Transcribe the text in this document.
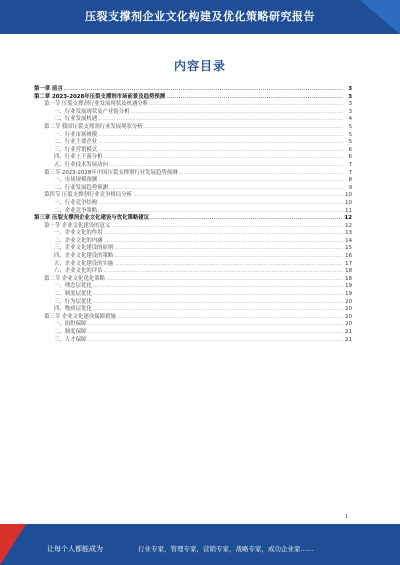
压裂支撑剂企业文化构建及优化策略研究报告
内容目录
第一章 前言 .....	3
第二章 2023-2028年压裂支撑剂市场前景及趋势预测 .....	3
第一节 压裂支撑剂行业发展现状及机遇分析 .....	3
一、行业发展现状及产业链分析 .....	3
二、行业发展机遇 .....	4
第二节 我国压裂支撑剂行业发展现状分析 .....	5
一、行业市场规模 .....	5
二、行业主要企业 .....	5
三、行业营销模式 .....	6
四、行业上下游分析 .....	6
五、行业技术发展动向 .....	7
第三节 2023-2028年中国压裂支撑剂行业发展趋势预测 .....	7
一、市场规模预测 .....	8
二、行业发展趋势预测 .....	9
第四节 压裂支撑剂行业竞争格局分析 .....	10
一、行业竞争结构 .....	10
二、企业竞争策略 .....	11
第三章 压裂支撑剂企业文化建设与优化策略建议 .....	12
第一节 企业文化建设的意义 .....	12
一、企业文化的作用 .....	13
二、企业文化的内涵 .....	14
三、企业文化建设的原则 .....	15
四、企业文化建设的策略 .....	16
五、企业文化建设的实施 .....	17
六、企业文化的评估 .....	18
第二节 企业文化优化策略 .....	18
一、理念层优化 .....	19
二、制度层优化 .....	19
三、行为层优化 .....	20
四、物质层优化 .....	20
第三节 企业文化建设保障措施 .....	20
一、组织保障 .....	20
二、制度保障 .....	21
三、人才保障 .....	21
1
让每个人都能成为	行业专家，管理专家，营销专家，战略专家，成功企业家……
